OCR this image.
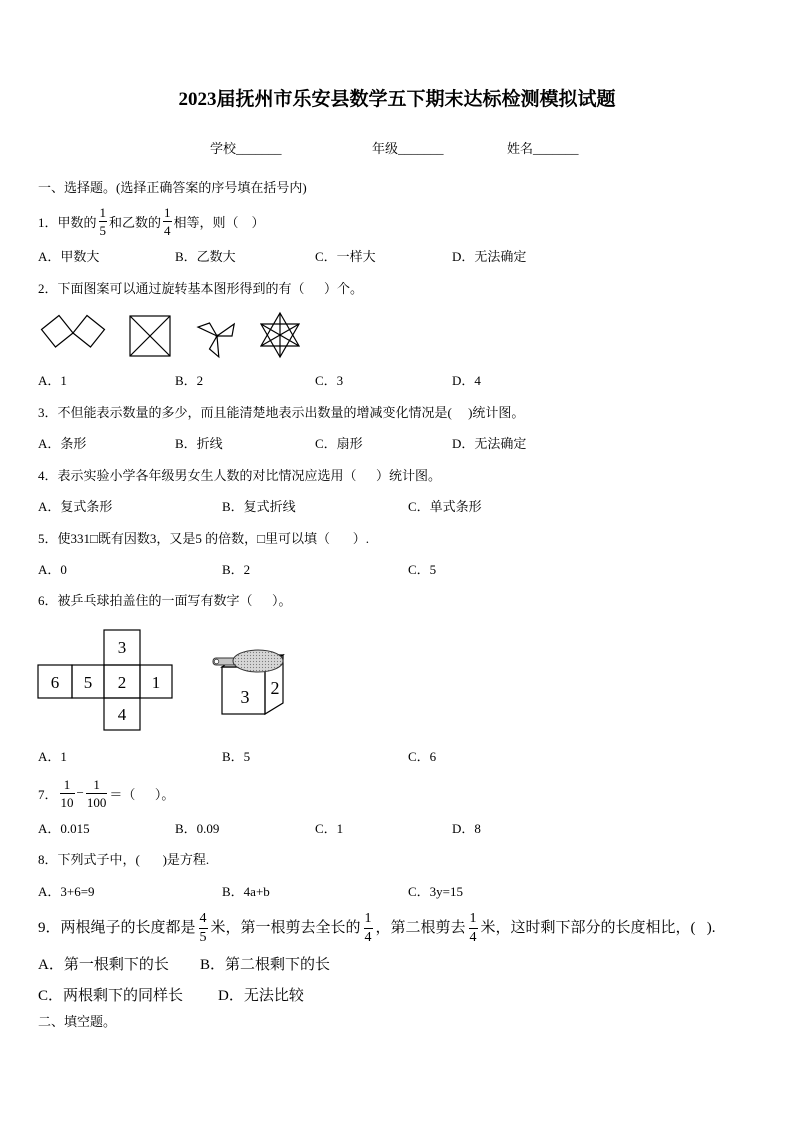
2023届抚州市乐安县数学五下期末达标检测模拟试题
学校_______	年级_______	姓名_______
一、选择题。(选择正确答案的序号填在括号内)
1．甲数的 $\frac{1}{5}$ 和乙数的 $\frac{1}{4}$ 相等，则（    ）
A．甲数大	B．乙数大	C．一样大	D．无法确定
2．下面图案可以通过旋转基本图形得到的有（      ）个。
A．1	B．2	C．3	D．4
3．不但能表示数量的多少，而且能清楚地表示出数量的增减变化情况是(     )统计图。
A．条形	B．折线	C．扇形	D．无法确定
4．表示实验小学各年级男女生人数的对比情况应选用（      ）统计图。
A．复式条形	B．复式折线	C．单式条形
5．使331□既有因数3，又是5 的倍数，□里可以填（       ）.
A．0	B．2	C．5
6．被乒乓球拍盖住的一面写有数字（      ）。
3
6 5 2 1
4
3 2
A．1	B．5	C．6
7． $\frac{1}{10} - \frac{1}{100}$ ＝（      ）。
A．0.015	B．0.09	C．1	D．8
8．下列式子中，(       )是方程.
A．3+6=9	B．4a+b	C．3y=15
9．两根绳子的长度都是 $\frac{4}{5}$ 米，第一根剪去全长的 $\frac{1}{4}$ ，第二根剪去 $\frac{1}{4}$ 米，这时剩下部分的长度相比，(   ).
A．第一根剩下的长 B．第二根剩下的长
C．两根剩下的同样长 D．无法比较
二、填空题。
